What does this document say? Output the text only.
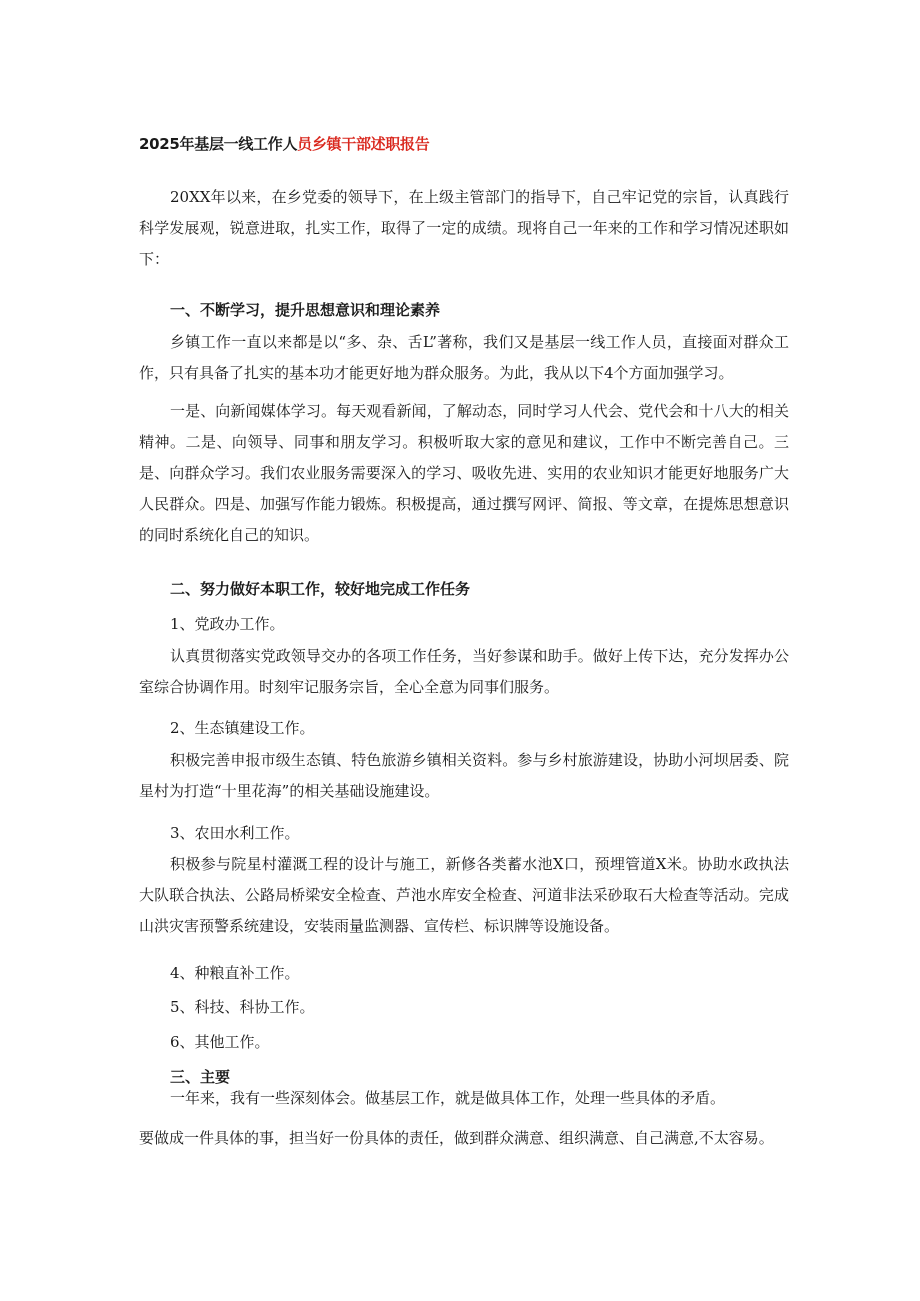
2025年基层一线工作人员乡镇干部述职报告

20XX年以来，在乡党委的领导下，在上级主管部门的指导下，自己牢记党的宗旨，认真践行科学发展观，锐意进取，扎实工作，取得了一定的成绩。现将自己一年来的工作和学习情况述职如下：

一、不断学习，提升思想意识和理论素养

乡镇工作一直以来都是以“多、杂、舌L”著称，我们又是基层一线工作人员，直接面对群众工作，只有具备了扎实的基本功才能更好地为群众服务。为此，我从以下4个方面加强学习。

一是、向新闻媒体学习。每天观看新闻，了解动态，同时学习人代会、党代会和十八大的相关精神。二是、向领导、同事和朋友学习。积极听取大家的意见和建议，工作中不断完善自己。三是、向群众学习。我们农业服务需要深入的学习、吸收先进、实用的农业知识才能更好地服务广大人民群众。四是、加强写作能力锻炼。积极提高，通过撰写网评、简报、等文章，在提炼思想意识的同时系统化自己的知识。

二、努力做好本职工作，较好地完成工作任务

1、党政办工作。

认真贯彻落实党政领导交办的各项工作任务，当好参谋和助手。做好上传下达，充分发挥办公室综合协调作用。时刻牢记服务宗旨，全心全意为同事们服务。

2、生态镇建设工作。

积极完善申报市级生态镇、特色旅游乡镇相关资料。参与乡村旅游建设，协助小河坝居委、院星村为打造“十里花海”的相关基础设施建设。

3、农田水利工作。

积极参与院星村灌溉工程的设计与施工，新修各类蓄水池X口，预埋管道X米。协助水政执法大队联合执法、公路局桥梁安全检查、芦池水库安全检查、河道非法采砂取石大检查等活动。完成山洪灾害预警系统建设，安装雨量监测器、宣传栏、标识牌等设施设备。

4、种粮直补工作。

5、科技、科协工作。

6、其他工作。

三、主要

一年来，我有一些深刻体会。做基层工作，就是做具体工作，处理一些具体的矛盾。

要做成一件具体的事，担当好一份具体的责任，做到群众满意、组织满意、自己满意,不太容易。
